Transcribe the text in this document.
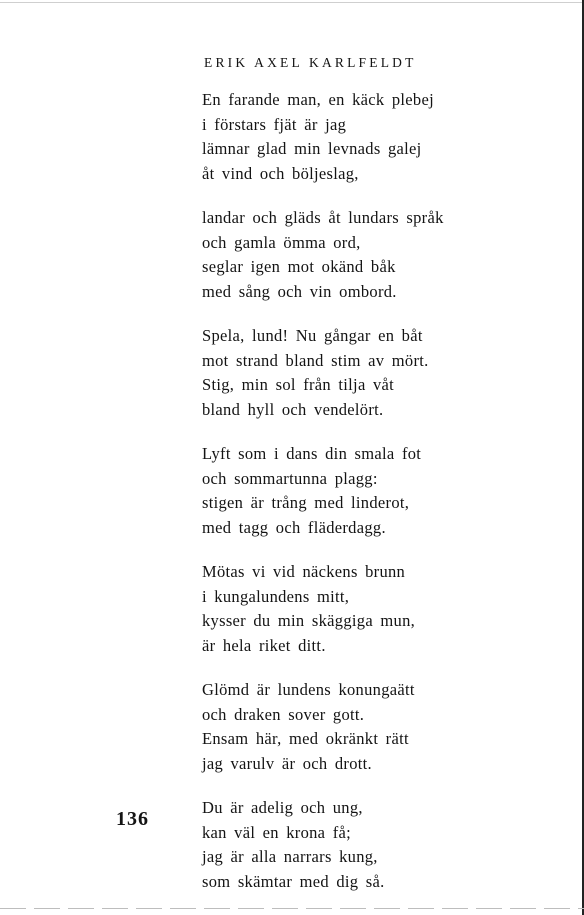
ERIK AXEL KARLFELDT
En farande man, en käck plebej
i förstars fjät är jag
lämnar glad min levnads galej
åt vind och böljeslag,
landar och gläds åt lundars språk
och gamla ömma ord,
seglar igen mot okänd båk
med sång och vin ombord.
Spela, lund! Nu gångar en båt
mot strand bland stim av mört.
Stig, min sol från tilja våt
bland hyll och vendelört.
Lyft som i dans din smala fot
och sommartunna plagg:
stigen är trång med linderot,
med tagg och fläderdagg.
Mötas vi vid näckens brunn
i kungalundens mitt,
kysser du min skäggiga mun,
är hela riket ditt.
Glömd är lundens konungaätt
och draken sover gott.
Ensam här, med okränkt rätt
jag varulv är och drott.
Du är adelig och ung,
kan väl en krona få;
jag är alla narrars kung,
som skämtar med dig så.
136
